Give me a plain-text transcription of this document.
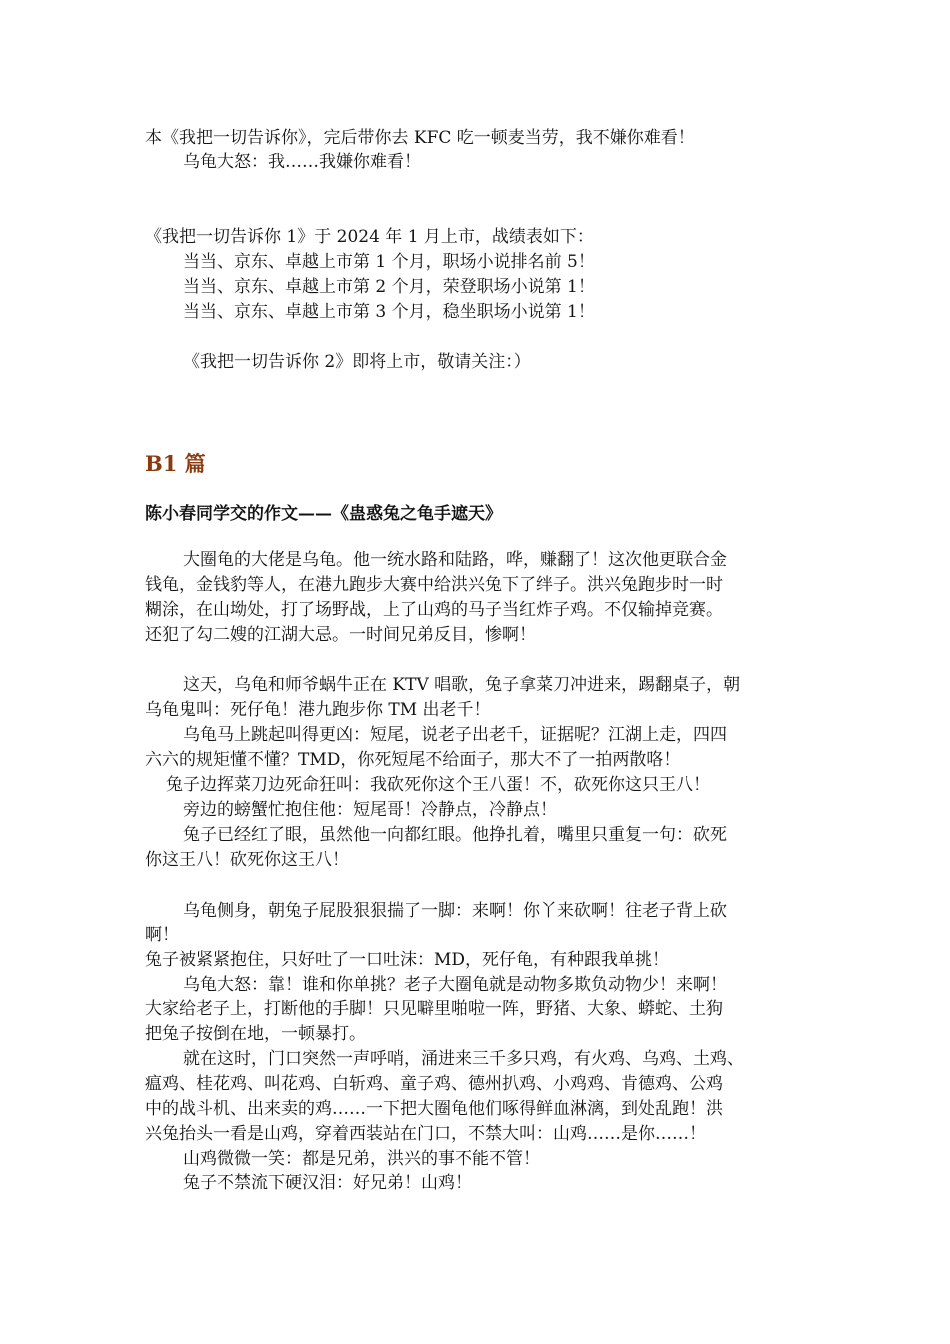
本《我把一切告诉你》，完后带你去 KFC 吃一顿麦当劳，我不嫌你难看！
乌龟大怒：我……我嫌你难看！
《我把一切告诉你 1》于 2024 年 1 月上市，战绩表如下：
当当、京东、卓越上市第 1 个月，职场小说排名前 5！
当当、京东、卓越上市第 2 个月，荣登职场小说第 1！
当当、京东、卓越上市第 3 个月，稳坐职场小说第 1！
《我把一切告诉你 2》即将上市，敬请关注：）
B1 篇
陈小春同学交的作文——《蛊惑兔之龟手遮天》
大圈龟的大佬是乌龟。他一统水路和陆路，哗，赚翻了！这次他更联合金
钱龟，金钱豹等人，在港九跑步大赛中给洪兴兔下了绊子。洪兴兔跑步时一时
糊涂，在山坳处，打了场野战，上了山鸡的马子当红炸子鸡。不仅输掉竞赛。
还犯了勾二嫂的江湖大忌。一时间兄弟反目，惨啊！
这天，乌龟和师爷蜗牛正在 KTV 唱歌，兔子拿菜刀冲进来，踢翻桌子，朝
乌龟鬼叫：死仔龟！港九跑步你 TM 出老千！
乌龟马上跳起叫得更凶：短尾，说老子出老千，证据呢？江湖上走，四四
六六的规矩懂不懂？TMD，你死短尾不给面子，那大不了一拍两散咯！
兔子边挥菜刀边死命狂叫：我砍死你这个王八蛋！不，砍死你这只王八！
旁边的螃蟹忙抱住他：短尾哥！冷静点，冷静点！
兔子已经红了眼，虽然他一向都红眼。他挣扎着，嘴里只重复一句：砍死
你这王八！砍死你这王八！
乌龟侧身，朝兔子屁股狠狠揣了一脚：来啊！你丫来砍啊！往老子背上砍
啊！
兔子被紧紧抱住，只好吐了一口吐沫：MD，死仔龟，有种跟我单挑！
乌龟大怒：靠！谁和你单挑？老子大圈龟就是动物多欺负动物少！来啊！
大家给老子上，打断他的手脚！只见噼里啪啦一阵，野猪、大象、蟒蛇、土狗
把兔子按倒在地，一顿暴打。
就在这时，门口突然一声呼哨，涌进来三千多只鸡，有火鸡、乌鸡、土鸡、
瘟鸡、桂花鸡、叫花鸡、白斩鸡、童子鸡、德州扒鸡、小鸡鸡、肯德鸡、公鸡
中的战斗机、出来卖的鸡……一下把大圈龟他们啄得鲜血淋漓，到处乱跑！洪
兴兔抬头一看是山鸡，穿着西装站在门口，不禁大叫：山鸡……是你……！
山鸡微微一笑：都是兄弟，洪兴的事不能不管！
兔子不禁流下硬汉泪：好兄弟！山鸡！
